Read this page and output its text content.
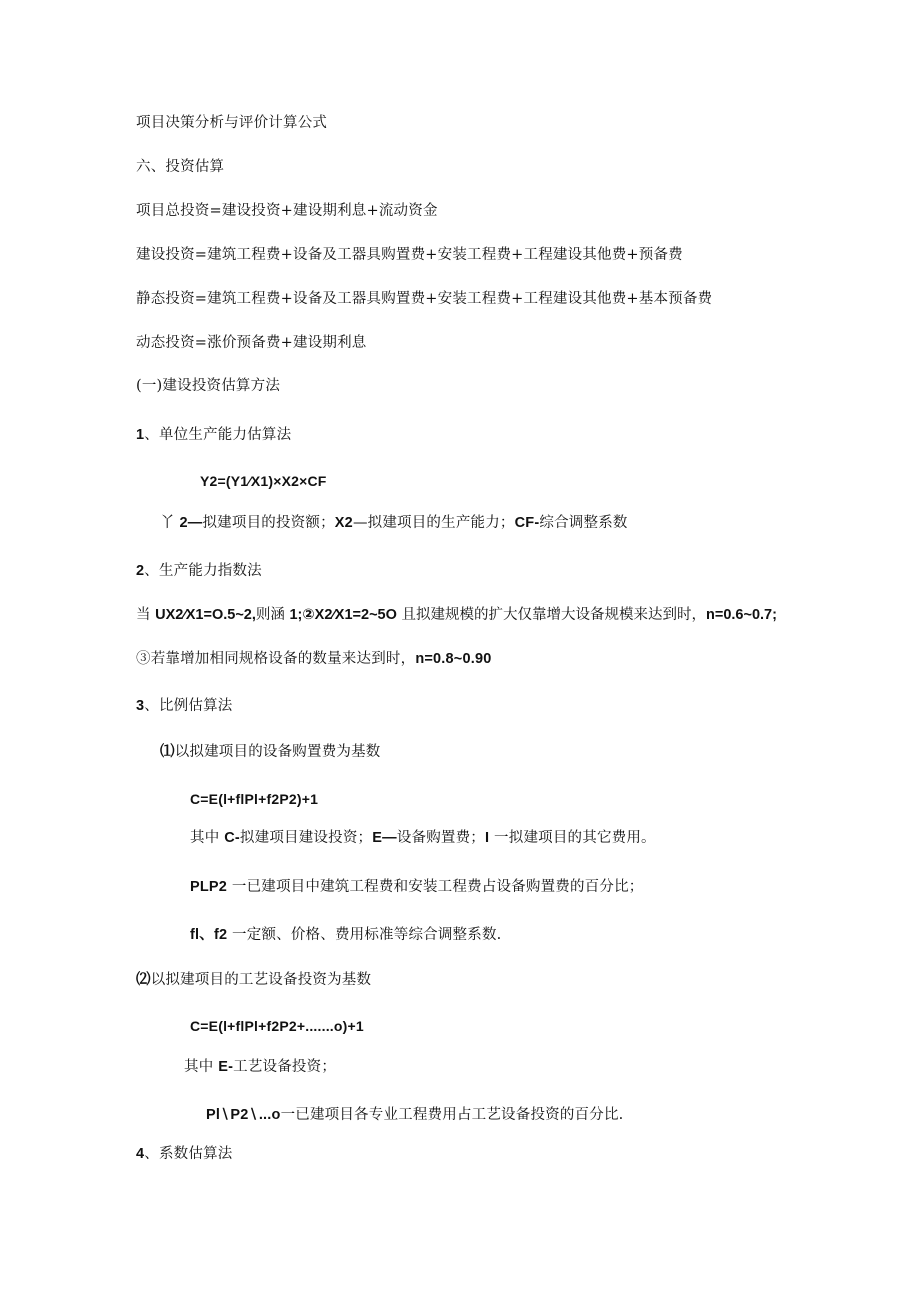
项目决策分析与评价计算公式
六、投资估算
项目总投资=建设投资+建设期利息+流动资金
建设投资=建筑工程费+设备及工器具购置费+安装工程费+工程建设其他费+预备费
静态投资=建筑工程费+设备及工器具购置费+安装工程费+工程建设其他费+基本预备费
动态投资=涨价预备费+建设期利息
(一)建设投资估算方法
1、单位生产能力估算法
Y2=(Y1⁄X1)×X2×CF
丫 2—拟建项目的投资额；X2—拟建项目的生产能力；CF-综合调整系数
2、生产能力指数法
当 UX2⁄X1=O.5~2,则涵 1;②X2⁄X1=2~5O 且拟建规模的扩大仅靠增大设备规模来达到时，n=0.6~0.7;
③若靠增加相同规格设备的数量来达到时，n=0.8~0.90
3、比例估算法
⑴以拟建项目的设备购置费为基数
C=E(l+flPl+f2P2)+1
其中 C-拟建项目建设投资；E—设备购置费；I 一拟建项目的其它费用。
PLP2 一已建项目中建筑工程费和安装工程费占设备购置费的百分比；
fl、f2 一定额、价格、费用标准等综合调整系数.
⑵以拟建项目的工艺设备投资为基数
C=E(l+flPl+f2P2+.......o)+1
其中 E-工艺设备投资；
Pl∖P2∖...o一已建项目各专业工程费用占工艺设备投资的百分比.
4、系数估算法
